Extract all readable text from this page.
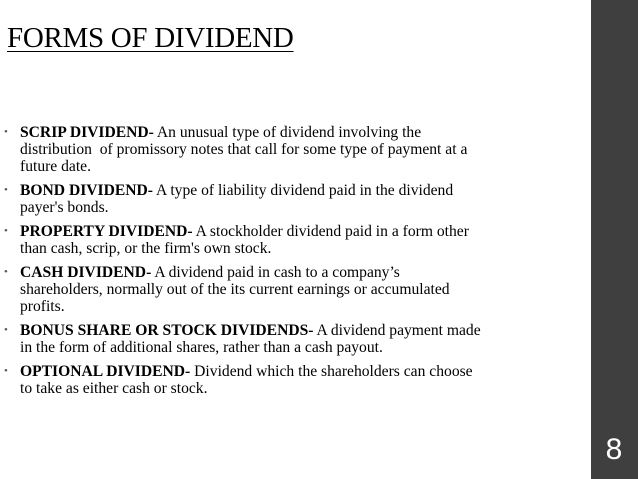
FORMS OF DIVIDEND
• SCRIP DIVIDEND- An unusual type of dividend involving the
distribution  of promissory notes that call for some type of payment at a
future date.
• BOND DIVIDEND- A type of liability dividend paid in the dividend
payer's bonds.
• PROPERTY DIVIDEND- A stockholder dividend paid in a form other
than cash, scrip, or the firm's own stock.
• CASH DIVIDEND- A dividend paid in cash to a company’s
shareholders, normally out of the its current earnings or accumulated
profits.
• BONUS SHARE OR STOCK DIVIDENDS- A dividend payment made
in the form of additional shares, rather than a cash payout.
• OPTIONAL DIVIDEND- Dividend which the shareholders can choose
to take as either cash or stock.
8
